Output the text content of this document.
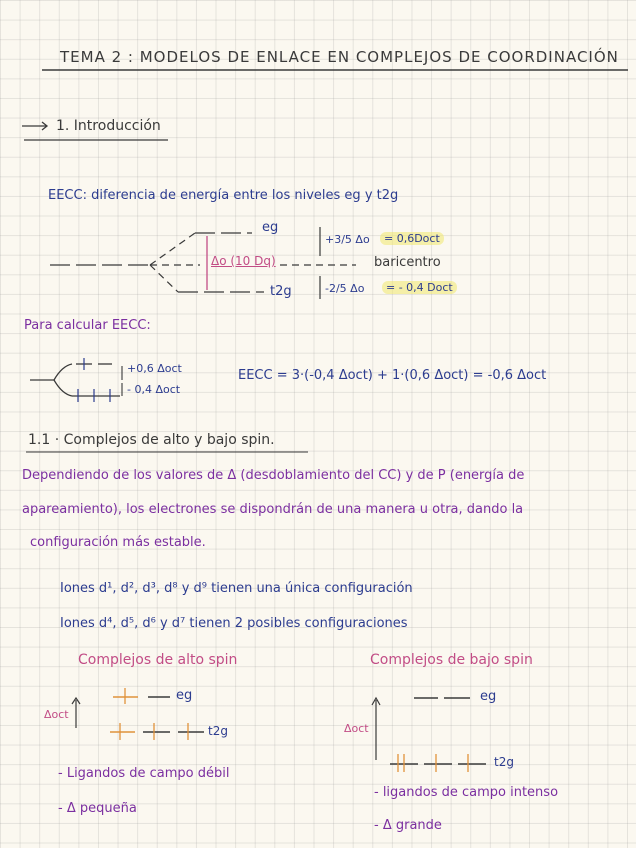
TEMA 2 : MODELOS DE ENLACE EN COMPLEJOS DE COORDINACIÓN
1. Introducción
EECC: diferencia de energía entre los niveles eg y t2g
eg
t2g
Δo (10 Dq)
+3/5 Δo	= 0,6Doct
baricentro
-2/5 Δo	= - 0,4 Doct
Para calcular EECC:
+0,6 Δoct
- 0,4 Δoct
EECC = 3·(-0,4 Δoct) + 1·(0,6 Δoct) = -0,6 Δoct
1.1 · Complejos de alto y bajo spin.
Dependiendo de los valores de Δ (desdoblamiento del CC) y de P (energía de
apareamiento), los electrones se dispondrán de una manera u otra, dando la
configuración más estable.
Iones d¹, d², d³, d⁸ y d⁹ tienen una única configuración
Iones d⁴, d⁵, d⁶ y d⁷ tienen 2 posibles configuraciones
Complejos de alto spin
eg
t2g
Δoct
- Ligandos de campo débil
- Δ pequeña
Complejos de bajo spin
eg
t2g
Δoct
- ligandos de campo intenso
- Δ grande
